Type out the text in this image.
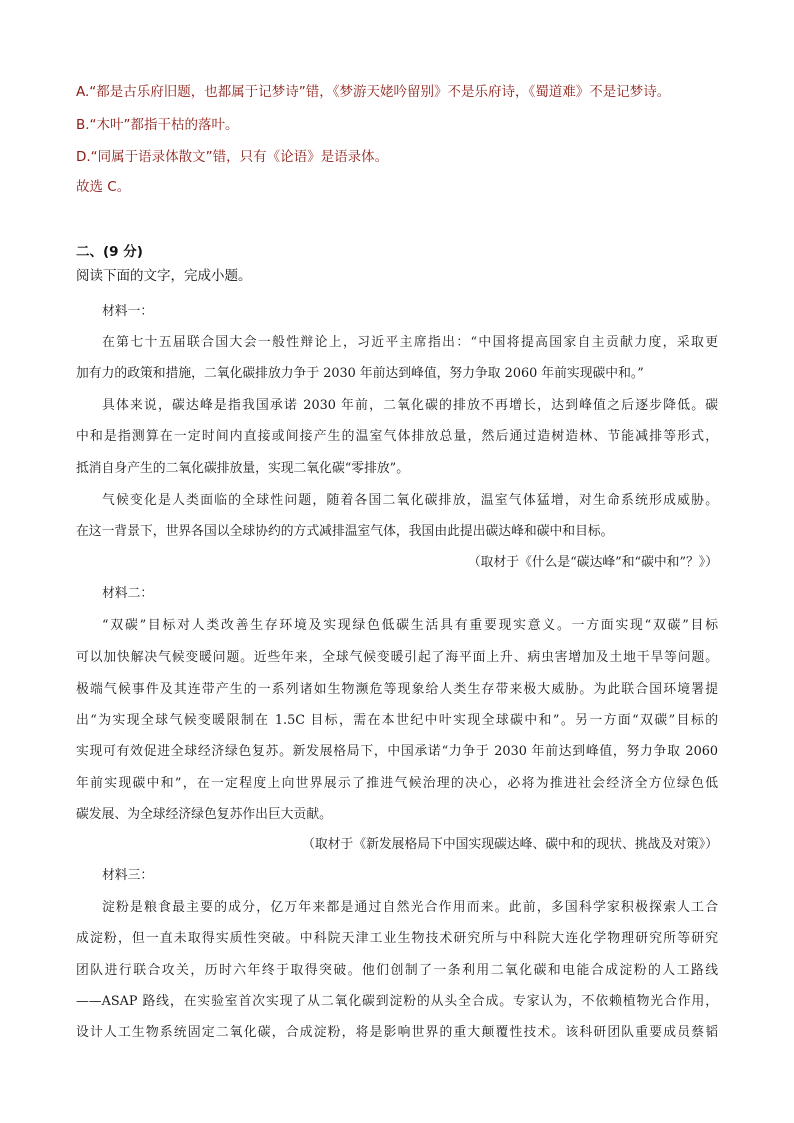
A.“都是古乐府旧题，也都属于记梦诗”错，《梦游天姥吟留别》不是乐府诗，《蜀道难》不是记梦诗。
B.“木叶”都指干枯的落叶。
D.“同属于语录体散文”错，只有《论语》是语录体。
故选 C。
二、(9 分)
阅读下面的文字，完成小题。
材料一：
在第七十五届联合国大会一般性辩论上，习近平主席指出：“中国将提高国家自主贡献力度，采取更
加有力的政策和措施，二氧化碳排放力争于 2030 年前达到峰值，努力争取 2060 年前实现碳中和。”
具体来说，碳达峰是指我国承诺 2030 年前，二氧化碳的排放不再增长，达到峰值之后逐步降低。碳
中和是指测算在一定时间内直接或间接产生的温室气体排放总量，然后通过造树造林、节能减排等形式，
抵消自身产生的二氧化碳排放量，实现二氧化碳“零排放”。
气候变化是人类面临的全球性问题，随着各国二氧化碳排放，温室气体猛增，对生命系统形成威胁。
在这一背景下，世界各国以全球协约的方式减排温室气体，我国由此提出碳达峰和碳中和目标。
（取材于《什么是“碳达峰”和“碳中和”？》）
材料二：
“双碳”目标对人类改善生存环境及实现绿色低碳生活具有重要现实意义。一方面实现“双碳”目标
可以加快解决气候变暖问题。近些年来，全球气候变暖引起了海平面上升、病虫害增加及土地干旱等问题。
极端气候事件及其连带产生的一系列诸如生物濒危等现象给人类生存带来极大威胁。为此联合国环境署提
出“为实现全球气候变暖限制在 1.5C 目标，需在本世纪中叶实现全球碳中和”。另一方面“双碳”目标的
实现可有效促进全球经济绿色复苏。新发展格局下，中国承诺“力争于 2030 年前达到峰值，努力争取 2060
年前实现碳中和”，在一定程度上向世界展示了推进气候治理的决心，必将为推进社会经济全方位绿色低
碳发展、为全球经济绿色复苏作出巨大贡献。
（取材于《新发展格局下中国实现碳达峰、碳中和的现状、挑战及对策》）
材料三：
淀粉是粮食最主要的成分，亿万年来都是通过自然光合作用而来。此前，多国科学家积极探索人工合
成淀粉，但一直未取得实质性突破。中科院天津工业生物技术研究所与中科院大连化学物理研究所等研究
团队进行联合攻关，历时六年终于取得突破。他们创制了一条利用二氧化碳和电能合成淀粉的人工路线
——ASAP 路线，在实验室首次实现了从二氧化碳到淀粉的从头全合成。专家认为，不依赖植物光合作用，
设计人工生物系统固定二氧化碳，合成淀粉，将是影响世界的重大颠覆性技术。该科研团队重要成员蔡韬
